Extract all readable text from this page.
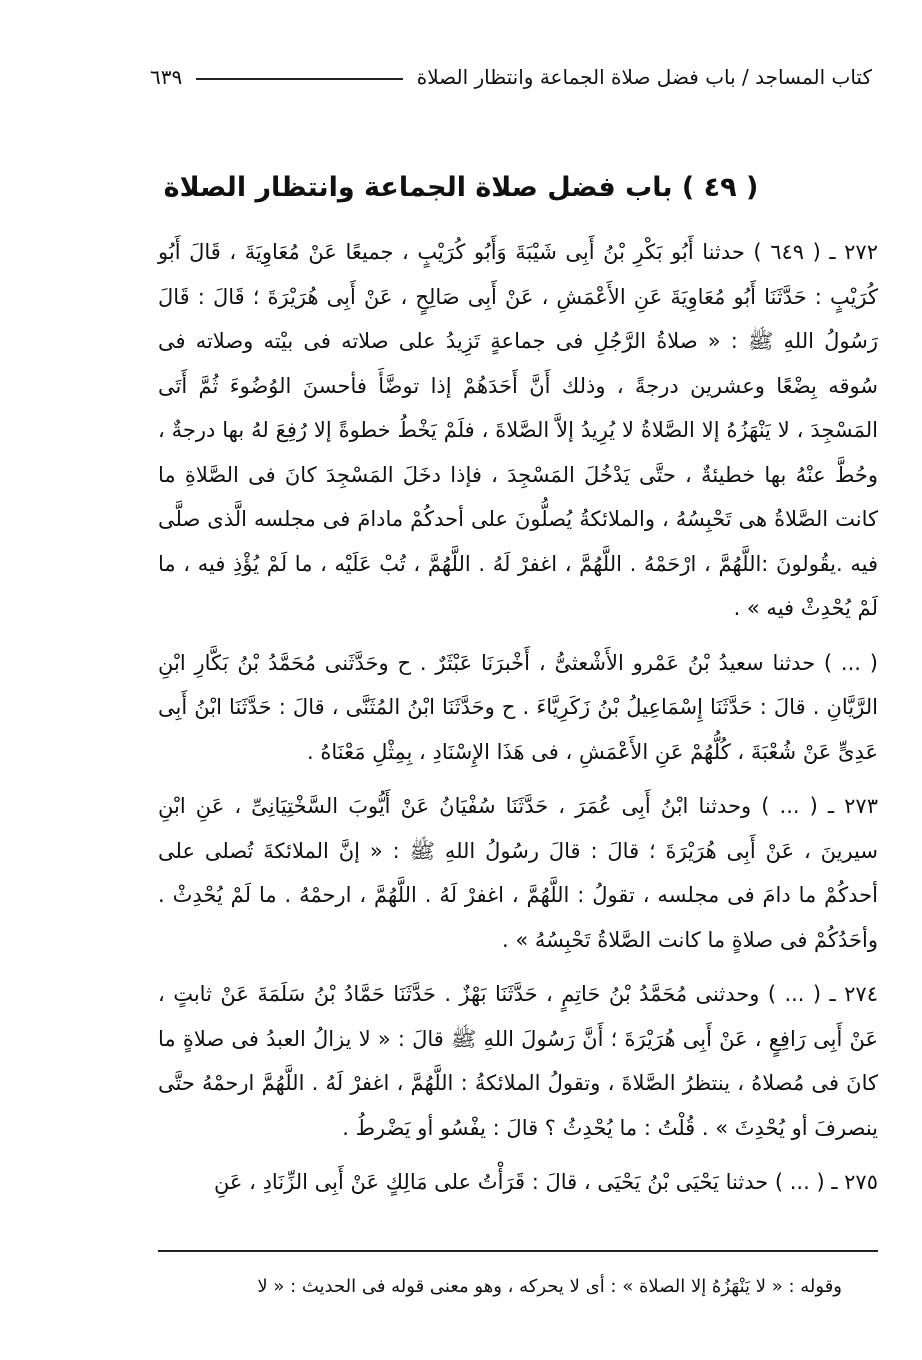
كتاب المساجد / باب فضل صلاة الجماعة وانتظار الصلاة
٦٣٩
( ٤٩ ) باب فضل صلاة الجماعة وانتظار الصلاة

٢٧٢ ـ ( ٦٤٩ ) حدثنا أَبُو بَكْرِ بْنُ أَبِى شَيْبَةَ وَأَبُو كُرَيْبٍ ، جميعًا عَنْ مُعَاوِيَةَ ، قَالَ أَبُو كُرَيْبٍ : حَدَّثَنَا أَبُو مُعَاوِيَةَ عَنِ الأَعْمَشِ ، عَنْ أَبِى صَالِحٍ ، عَنْ أَبِى هُرَيْرَةَ ؛ قَالَ : قَالَ رَسُولُ اللهِ ﷺ : « صلاةُ الرَّجُلِ فى جماعةٍ تَزِيدُ على صلاته فى بيْته وصلاته فى سُوقه بِضْعًا وعشرين درجةً ، وذلك أَنَّ أَحَدَهُمْ إذا توضَّأَ فأحسنَ الوُضُوءَ ثُمَّ أَتَى المَسْجِدَ ، لا يَنْهَزُهُ إلا الصَّلاةُ لا يُرِيدُ إلاَّ الصَّلاةَ ، فلَمْ يَخْطُ خطوةً إلا رُفِعَ لهُ بها درجةٌ ، وحُطَّ عنْهُ بها خطيئةٌ ، حتَّى يَدْخُلَ المَسْجِدَ ، فإذا دخَلَ المَسْجِدَ كانَ فى الصَّلاةِ ما كانت الصَّلاةُ هى تَحْبِسُهُ ، والملائكةُ يُصلُّونَ على أحدكُمْ مادامَ فى مجلسه الَّذى صلَّى فيه .يقُولونَ :اللَّهُمَّ ، ارْحَمْهُ . اللَّهُمَّ ، اغفرْ لَهُ . اللَّهُمَّ ، تُبْ عَلَيْه ، ما لَمْ يُؤْذِ فيه ، ما لَمْ يُحْدِثْ فيه » .

( ... ) حدثنا سعيدُ بْنُ عَمْرو الأَشْعثىُّ ، أَخْبرَنَا عَبْثَرٌ . ح وحَدَّثَنى مُحَمَّدُ بْنُ بَكَّارِ ابْنِ الرَّيَّانِ . قالَ : حَدَّثَنَا إِسْمَاعِيلُ بْنُ زَكَرِيَّاءَ . ح وحَدَّثَنَا ابْنُ المُثَنَّى ، قالَ : حَدَّثَنَا ابْنُ أَبِى عَدِىٍّ عَنْ شُعْبَةَ ، كُلُّهُمْ عَنِ الأَعْمَشِ ، فى هَذَا الإِسْنَادِ ، بِمِثْلِ مَعْنَاهُ .

٢٧٣ ـ ( ... ) وحدثنا ابْنُ أَبِى عُمَرَ ، حَدَّثَنَا سُفْيَانُ عَنْ أَيُّوبَ السَّخْتِيَانِىِّ ، عَنِ ابْنِ سيرينَ ، عَنْ أَبِى هُرَيْرَةَ ؛ قالَ : قالَ رسُولُ اللهِ ﷺ : « إنَّ الملائكةَ تُصلى على أحدكُمْ ما دامَ فى مجلسه ، تقولُ : اللَّهُمَّ ، اغفرْ لَهُ . اللَّهُمَّ ، ارحمْهُ . ما لَمْ يُحْدِثْ . وأحَدُكُمْ فى صلاةٍ ما كانت الصَّلاةُ تَحْبِسُهُ » .

٢٧٤ ـ ( ... ) وحدثنى مُحَمَّدُ بْنُ حَاتِمٍ ، حَدَّثَنَا بَهْزٌ . حَدَّثَنَا حَمَّادُ بْنُ سَلَمَةَ عَنْ ثابتٍ ، عَنْ أَبِى رَافِعٍ ، عَنْ أَبِى هُرَيْرَةَ ؛ أَنَّ رَسُولَ اللهِ ﷺ قالَ : « لا يزالُ العبدُ فى صلاةٍ ما كانَ فى مُصلاهُ ، ينتظرُ الصَّلاةَ ، وتقولُ الملائكةُ : اللَّهُمَّ ، اغفرْ لَهُ . اللَّهُمَّ ارحمْهُ حتَّى ينصرفَ أو يُحْدِثَ » . قُلْتُ : ما يُحْدِثُ ؟ قالَ : يفْسُو أو يَضْرطُ .

٢٧٥ ـ ( ... ) حدثنا يَحْيَى بْنُ يَحْيَى ، قالَ : قَرَأْتُ على مَالِكٍ عَنْ أَبِى الزِّنَادِ ، عَنِ

وقوله : « لا يَنْهَزُهُ إلا الصلاة » : أى لا يحركه ، وهو معنى قوله فى الحديث : « لا
